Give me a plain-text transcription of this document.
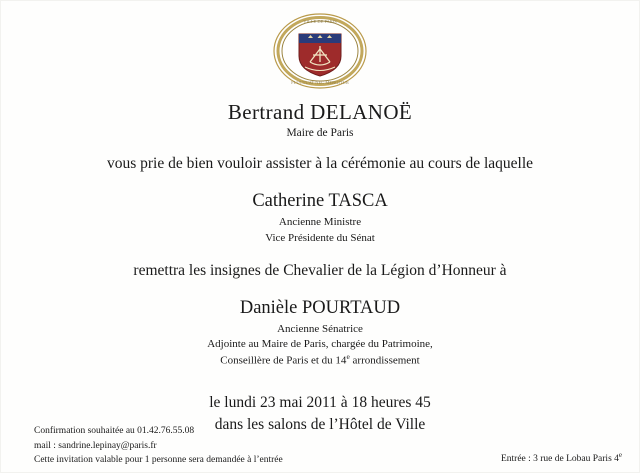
VILLE DE PARIS
FLUCTUAT NEC MERGITUR
Bertrand DELANOË
Maire de Paris
vous prie de bien vouloir assister à la cérémonie au cours de laquelle
Catherine TASCA
Ancienne Ministre
Vice Présidente du Sénat
remettra les insignes de Chevalier de la Légion d’Honneur à
Danièle POURTAUD
Ancienne Sénatrice
Adjointe au Maire de Paris, chargée du Patrimoine,
Conseillère de Paris et du 14e arrondissement
le lundi 23 mai 2011 à 18 heures 45
dans les salons de l’Hôtel de Ville
Confirmation souhaitée au 01.42.76.55.08
mail : sandrine.lepinay@paris.fr
Cette invitation valable pour 1 personne sera demandée à l’entrée	Entrée : 3 rue de Lobau Paris 4e
